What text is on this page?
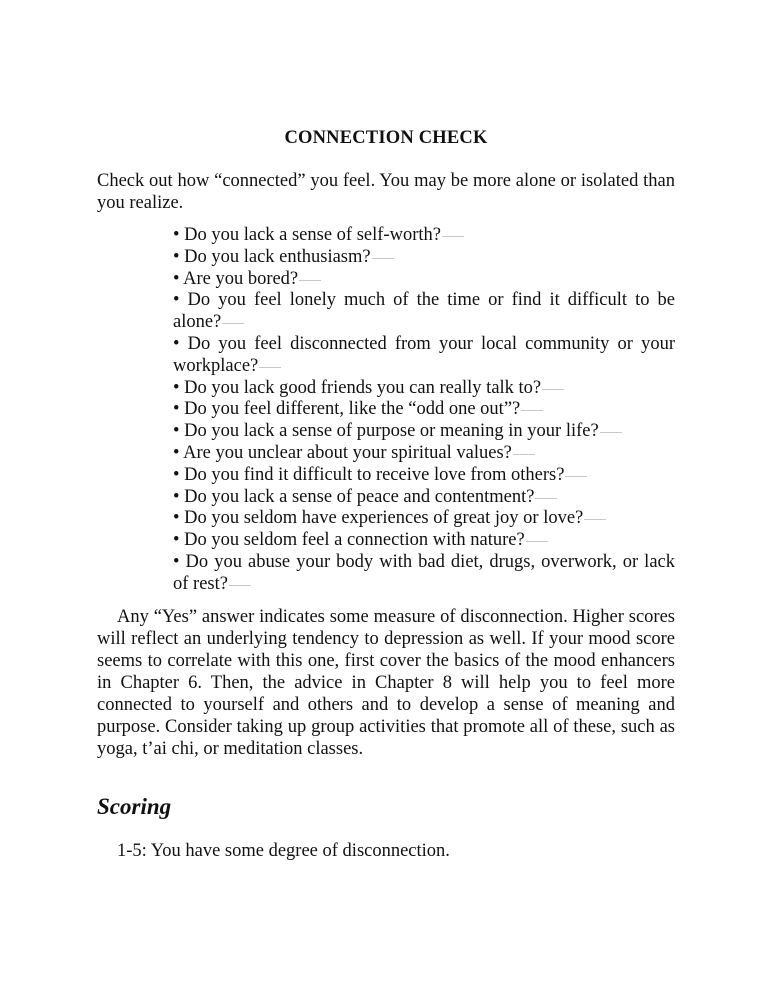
CONNECTION CHECK

Check out how “connected” you feel. You may be more alone or isolated than you realize.

• Do you lack a sense of self-worth?
• Do you lack enthusiasm?
• Are you bored?
• Do you feel lonely much of the time or find it difficult to be alone?
• Do you feel disconnected from your local community or your workplace?
• Do you lack good friends you can really talk to?
• Do you feel different, like the “odd one out”?
• Do you lack a sense of purpose or meaning in your life?
• Are you unclear about your spiritual values?
• Do you find it difficult to receive love from others?
• Do you lack a sense of peace and contentment?
• Do you seldom have experiences of great joy or love?
• Do you seldom feel a connection with nature?
• Do you abuse your body with bad diet, drugs, overwork, or lack of rest?

Any “Yes” answer indicates some measure of disconnection. Higher scores will reflect an underlying tendency to depression as well. If your mood score seems to correlate with this one, first cover the basics of the mood enhancers in Chapter 6. Then, the advice in Chapter 8 will help you to feel more connected to yourself and others and to develop a sense of meaning and purpose. Consider taking up group activities that promote all of these, such as yoga, t’ai chi, or meditation classes.

Scoring
1-5: You have some degree of disconnection.
